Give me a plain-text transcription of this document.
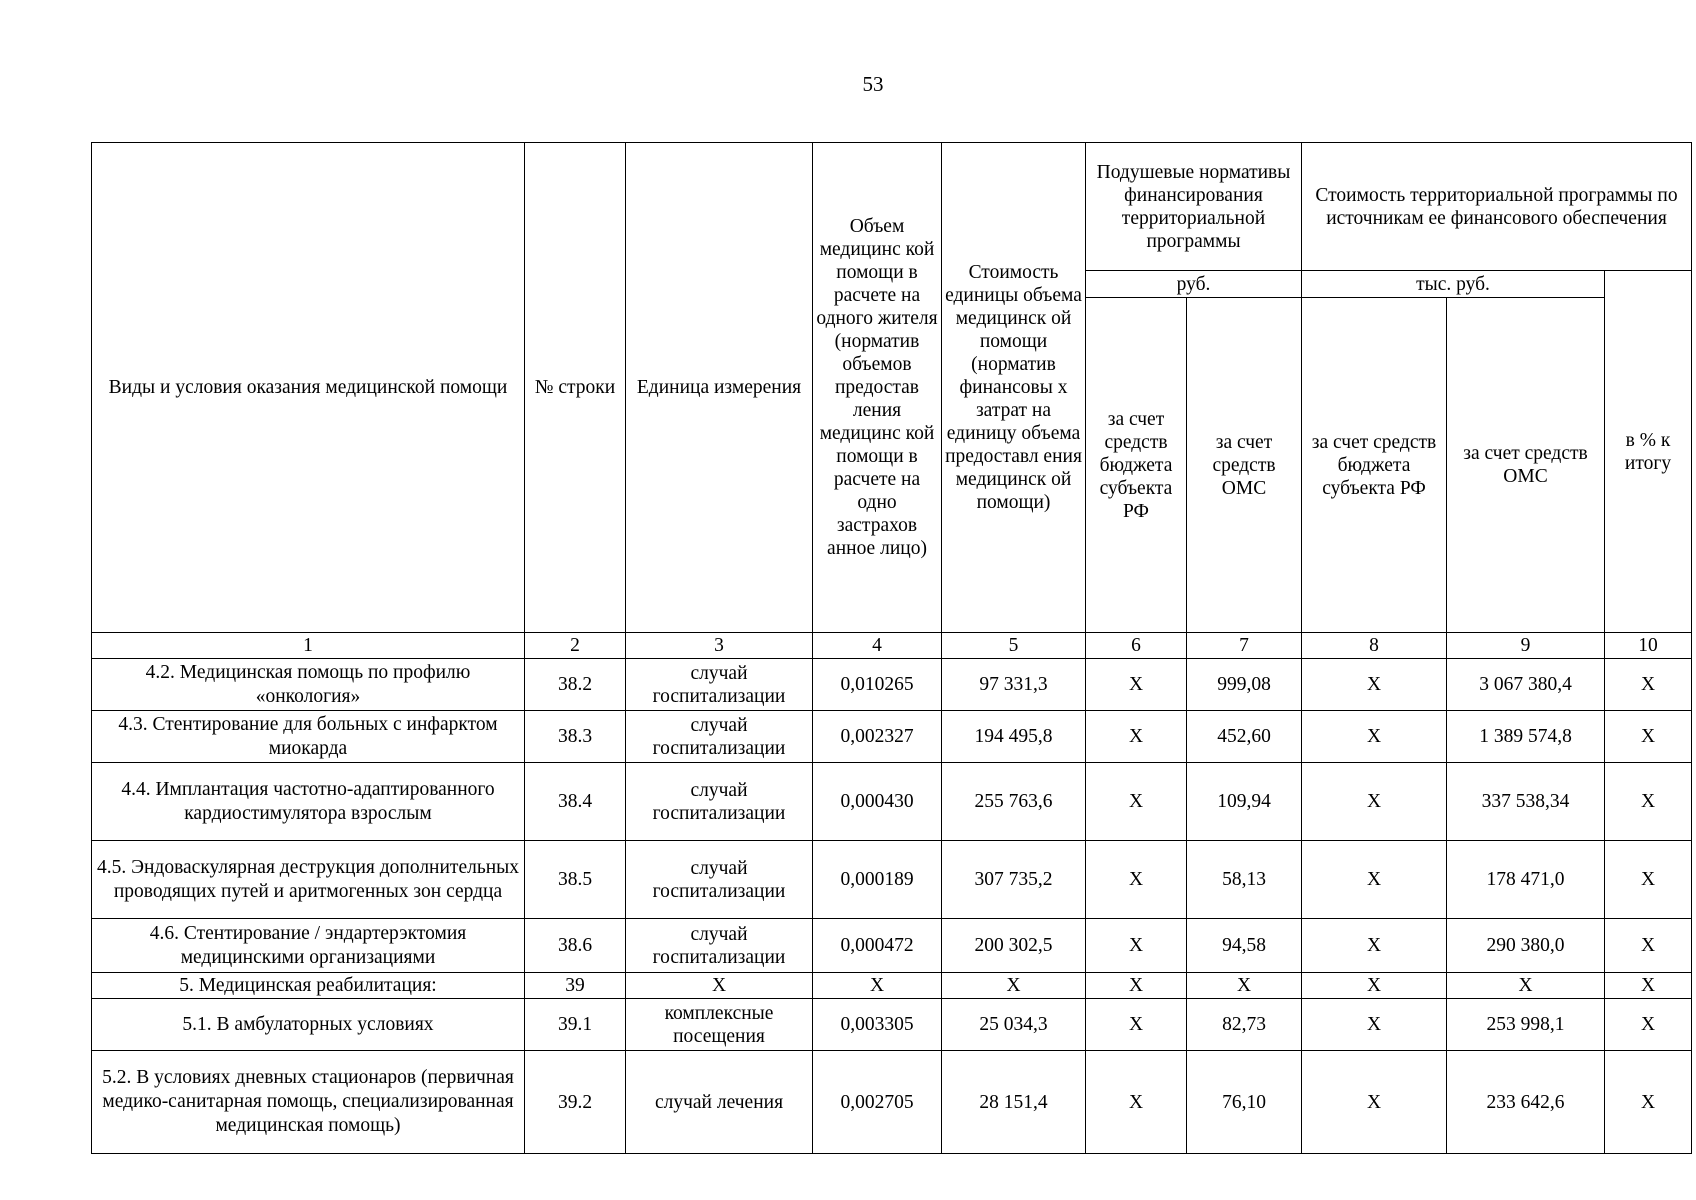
53
Виды и условия оказания медицинской помощи	№ строки	Единица измерения	Объем медицинс кой помощи в расчете на одного жителя (норматив объемов предостав ления медицинс кой помощи в расчете на одно застрахов анное лицо)	Стоимость единицы объема медицинск ой помощи (норматив финансовы х затрат на единицу объема предоставл ения медицинск ой помощи)	Подушевые нормативы финансирования территориальной программы		Стоимость территориальной программы по источникам ее финансового обеспечения		
					руб.		тыс. руб.		в % к итогу
					за счет средств бюджета субъекта РФ	за счет средств ОМС	за счет средств бюджета субъекта РФ	за счет средств ОМС	
1	2	3	4	5	6	7	8	9	10
4.2. Медицинская помощь по профилю «онкология»	38.2	случай госпитализации	0,010265	97 331,3	X	999,08	X	3 067 380,4	X
4.3. Стентирование для больных с инфарктом миокарда	38.3	случай госпитализации	0,002327	194 495,8	X	452,60	X	1 389 574,8	X
4.4. Имплантация частотно-адаптированного кардиостимулятора взрослым	38.4	случай госпитализации	0,000430	255 763,6	X	109,94	X	337 538,34	X
4.5. Эндоваскулярная деструкция дополнительных проводящих путей и аритмогенных зон сердца	38.5	случай госпитализации	0,000189	307 735,2	X	58,13	X	178 471,0	X
4.6. Стентирование / эндартерэктомия медицинскими организациями	38.6	случай госпитализации	0,000472	200 302,5	X	94,58	X	290 380,0	X
5. Медицинская реабилитация:	39	X	X	X	X	X	X	X	X
5.1. В амбулаторных условиях	39.1	комплексные посещения	0,003305	25 034,3	X	82,73	X	253 998,1	X
5.2. В условиях дневных стационаров (первичная медико-санитарная помощь, специализированная медицинская помощь)	39.2	случай лечения	0,002705	28 151,4	X	76,10	X	233 642,6	X
